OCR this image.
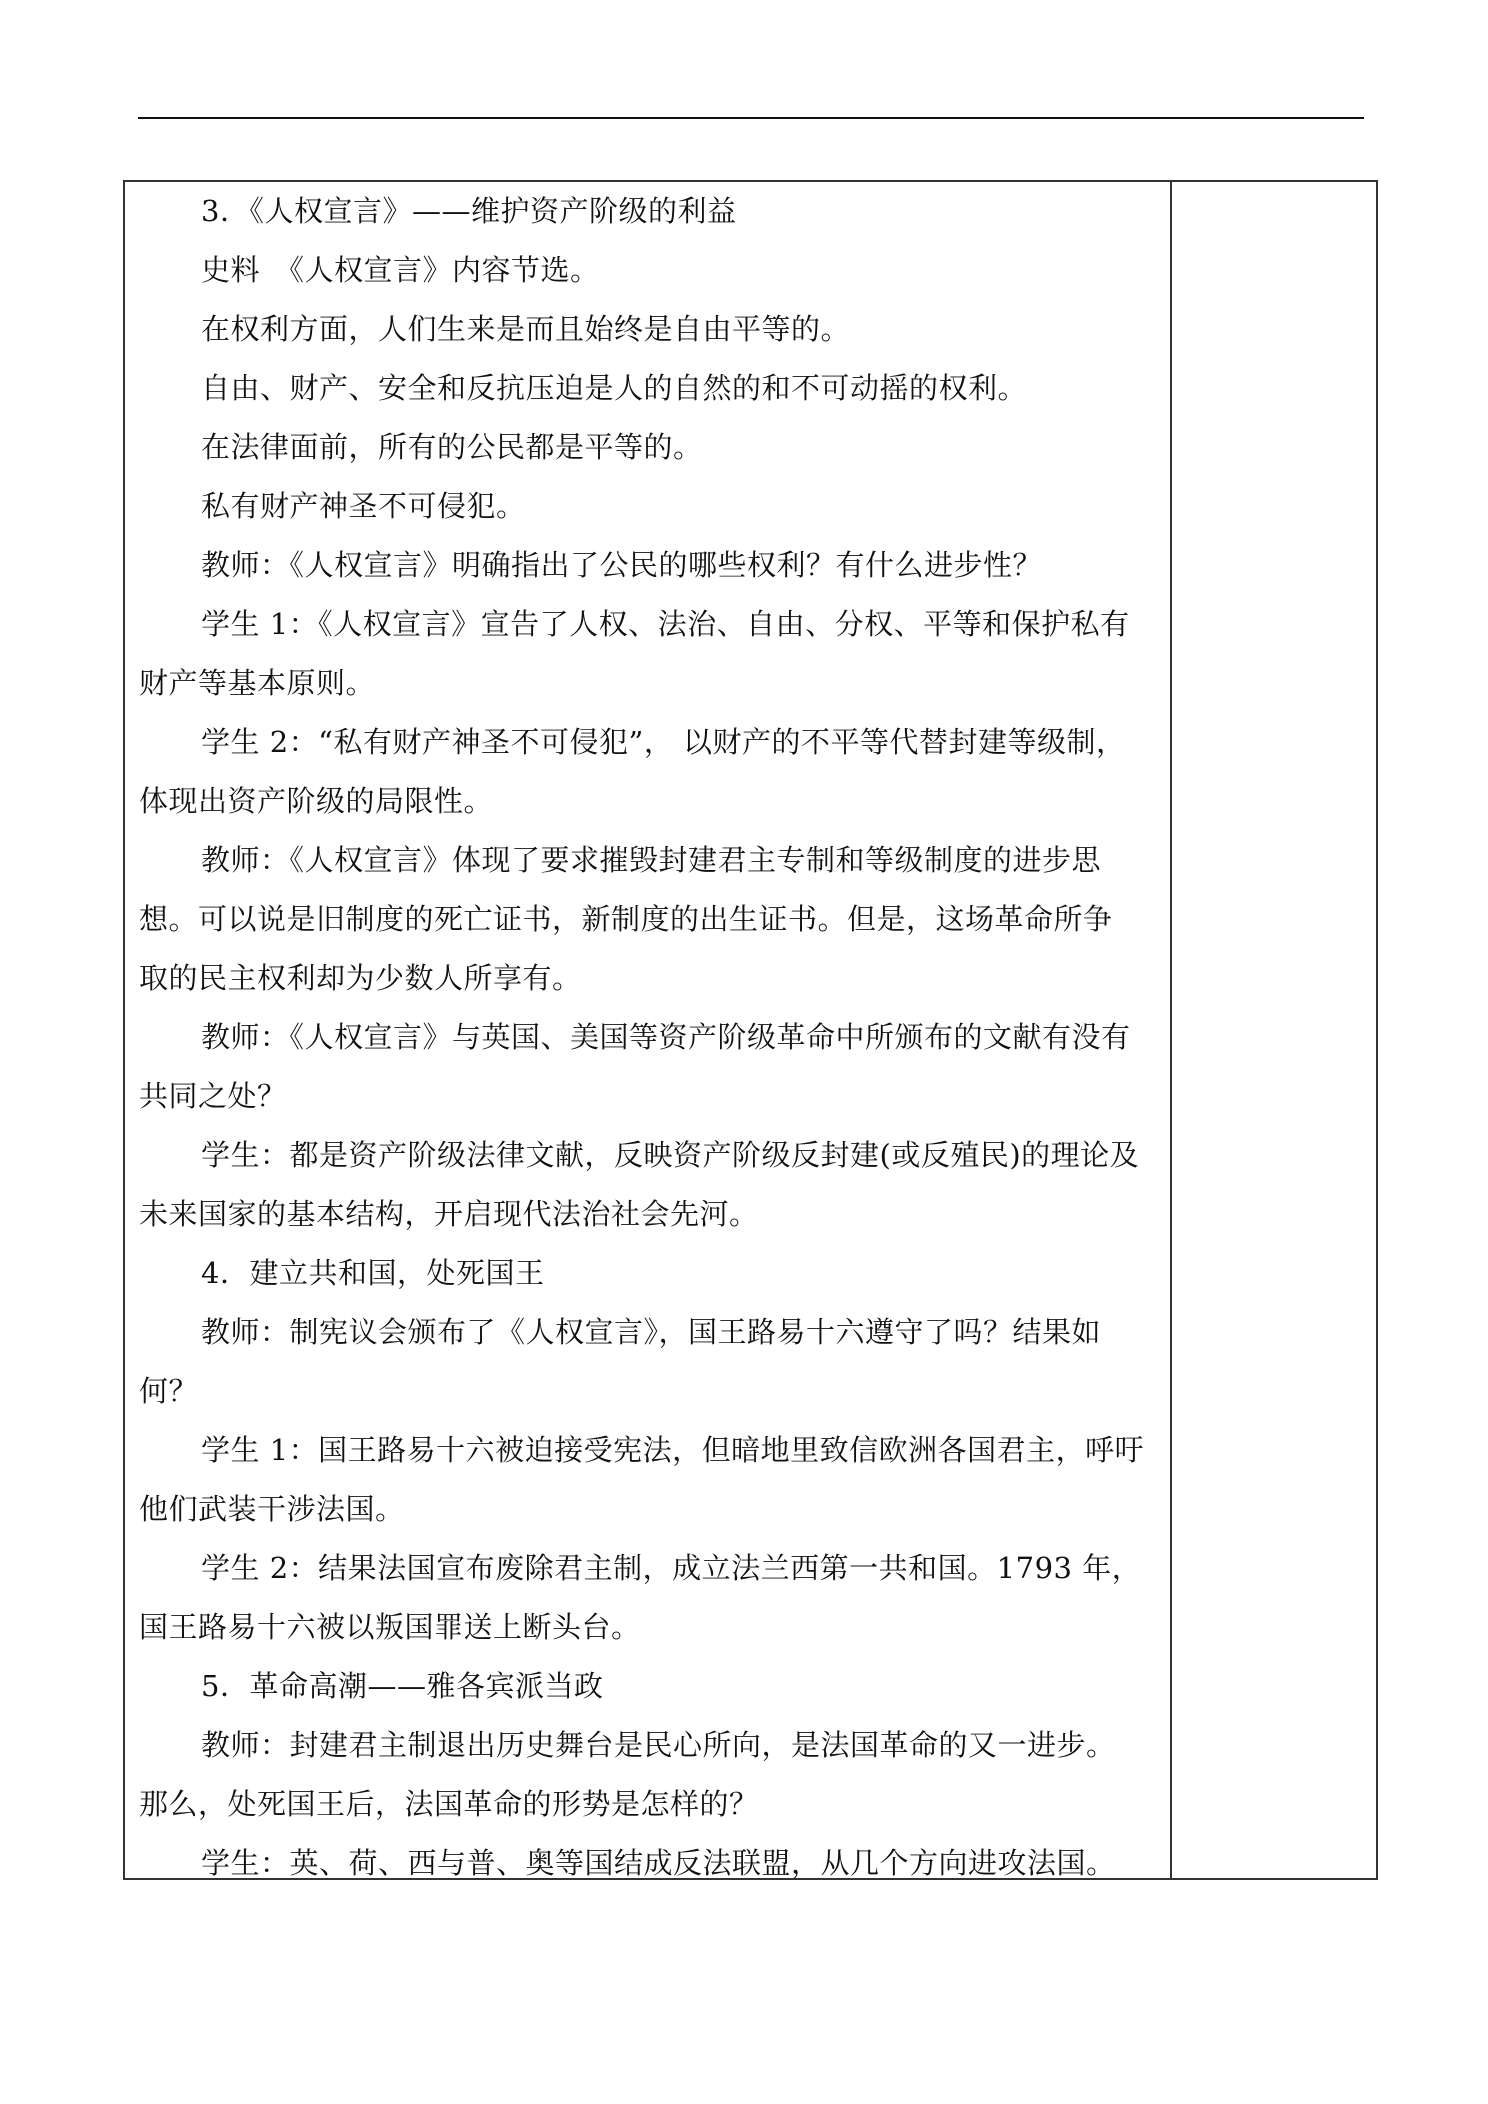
3．《人权宣言》——维护资产阶级的利益
史料　《人权宣言》内容节选。
在权利方面，人们生来是而且始终是自由平等的。
自由、财产、安全和反抗压迫是人的自然的和不可动摇的权利。
在法律面前，所有的公民都是平等的。
私有财产神圣不可侵犯。
教师：《人权宣言》明确指出了公民的哪些权利？有什么进步性？
学生 1：《人权宣言》宣告了人权、法治、自由、分权、平等和保护私有
财产等基本原则。
学生 2：“私有财产神圣不可侵犯”， 以财产的不平等代替封建等级制，
体现出资产阶级的局限性。
教师：《人权宣言》体现了要求摧毁封建君主专制和等级制度的进步思
想。可以说是旧制度的死亡证书，新制度的出生证书。但是，这场革命所争
取的民主权利却为少数人所享有。
教师：《人权宣言》与英国、美国等资产阶级革命中所颁布的文献有没有
共同之处？
学生：都是资产阶级法律文献，反映资产阶级反封建(或反殖民)的理论及
未来国家的基本结构，开启现代法治社会先河。
4．建立共和国，处死国王
教师：制宪议会颁布了《人权宣言》，国王路易十六遵守了吗？结果如
何？
学生 1：国王路易十六被迫接受宪法，但暗地里致信欧洲各国君主，呼吁
他们武装干涉法国。
学生 2：结果法国宣布废除君主制，成立法兰西第一共和国。1793 年，
国王路易十六被以叛国罪送上断头台。
5．革命高潮——雅各宾派当政
教师：封建君主制退出历史舞台是民心所向，是法国革命的又一进步。
那么，处死国王后，法国革命的形势是怎样的？
学生：英、荷、西与普、奥等国结成反法联盟，从几个方向进攻法国。
